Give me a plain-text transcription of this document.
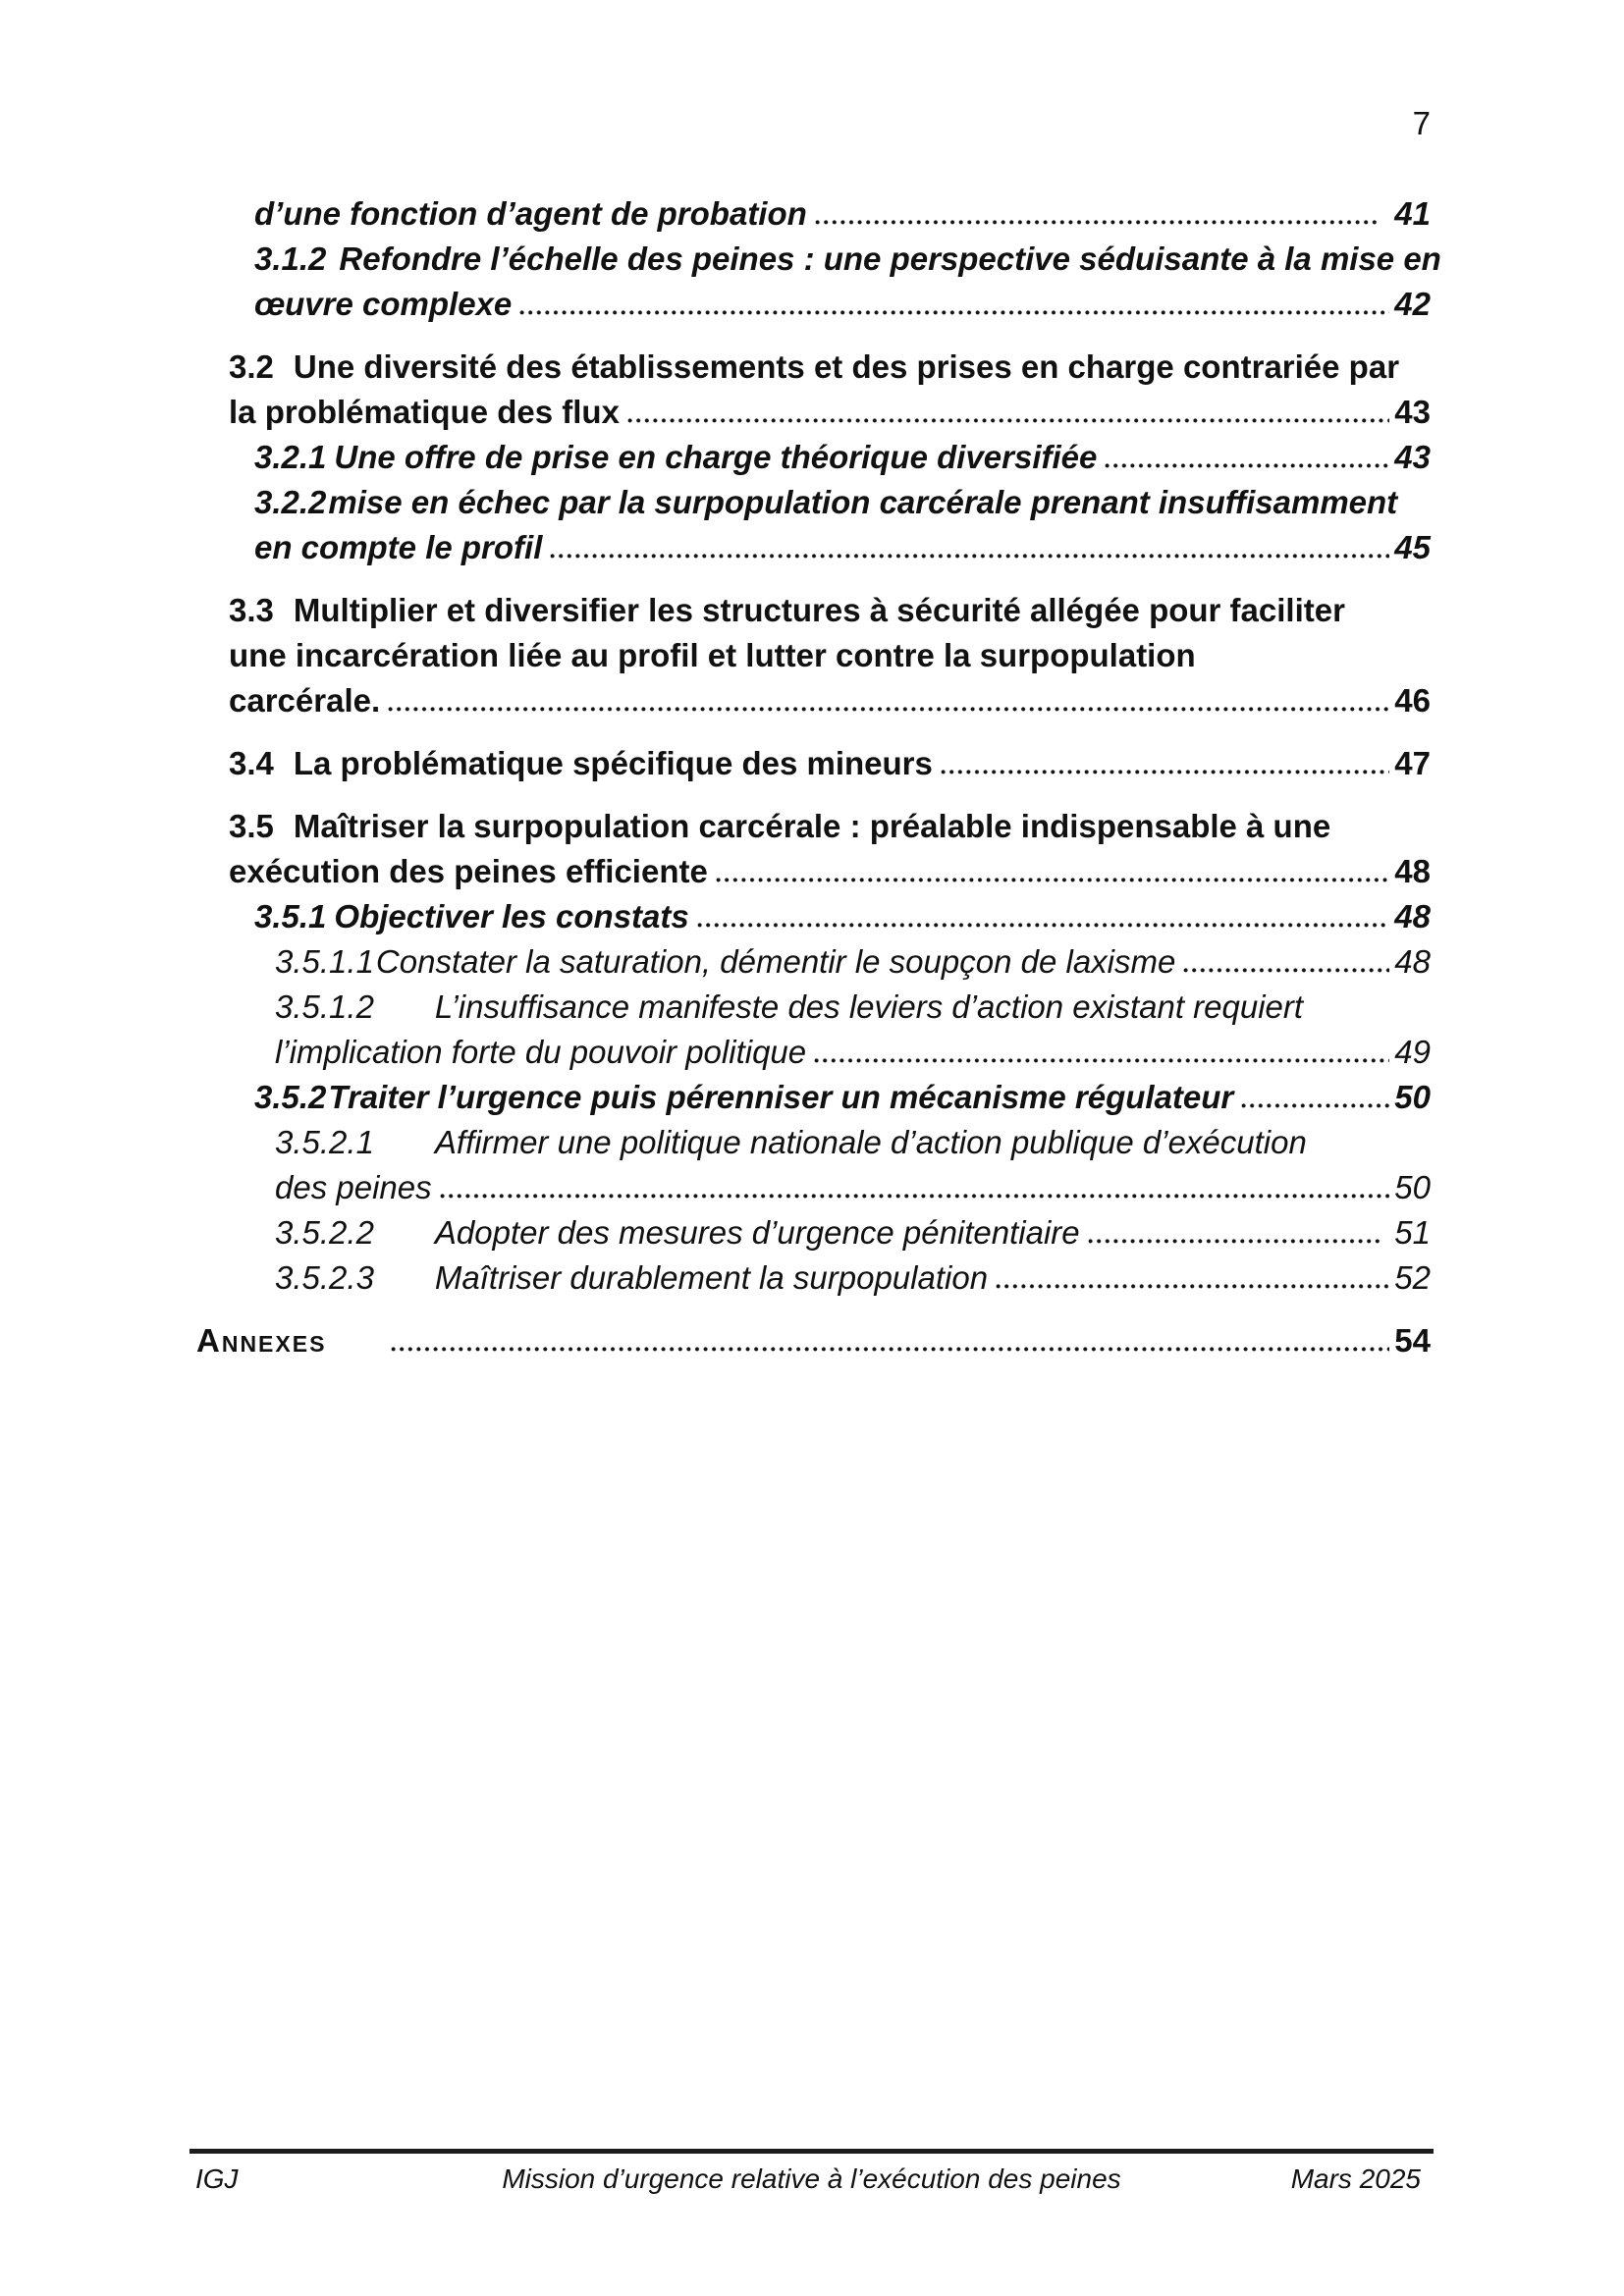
7
d’une fonction d’agent de probation	41
3.1.2 Refondre l’échelle des peines : une perspective séduisante à la mise en
œuvre complexe	42
3.2 Une diversité des établissements et des prises en charge contrariée par
la problématique des flux	43
3.2.1 Une offre de prise en charge théorique diversifiée	43
3.2.2 mise en échec par la surpopulation carcérale prenant insuffisamment
en compte le profil	45
3.3 Multiplier et diversifier les structures à sécurité allégée pour faciliter
une incarcération liée au profil et lutter contre la surpopulation
carcérale.	46
3.4 La problématique spécifique des mineurs	47
3.5 Maîtriser la surpopulation carcérale : préalable indispensable à une
exécution des peines efficiente	48
3.5.1 Objectiver les constats	48
3.5.1.1 Constater la saturation, démentir le soupçon de laxisme	48
3.5.1.2 L’insuffisance manifeste des leviers d’action existant requiert
l’implication forte du pouvoir politique	49
3.5.2 Traiter l’urgence puis pérenniser un mécanisme régulateur	50
3.5.2.1 Affirmer une politique nationale d’action publique d’exécution
des peines	50
3.5.2.2 Adopter des mesures d’urgence pénitentiaire	51
3.5.2.3 Maîtriser durablement la surpopulation	52
Annexes	54
IGJ	Mission d’urgence relative à l’exécution des peines	Mars 2025
